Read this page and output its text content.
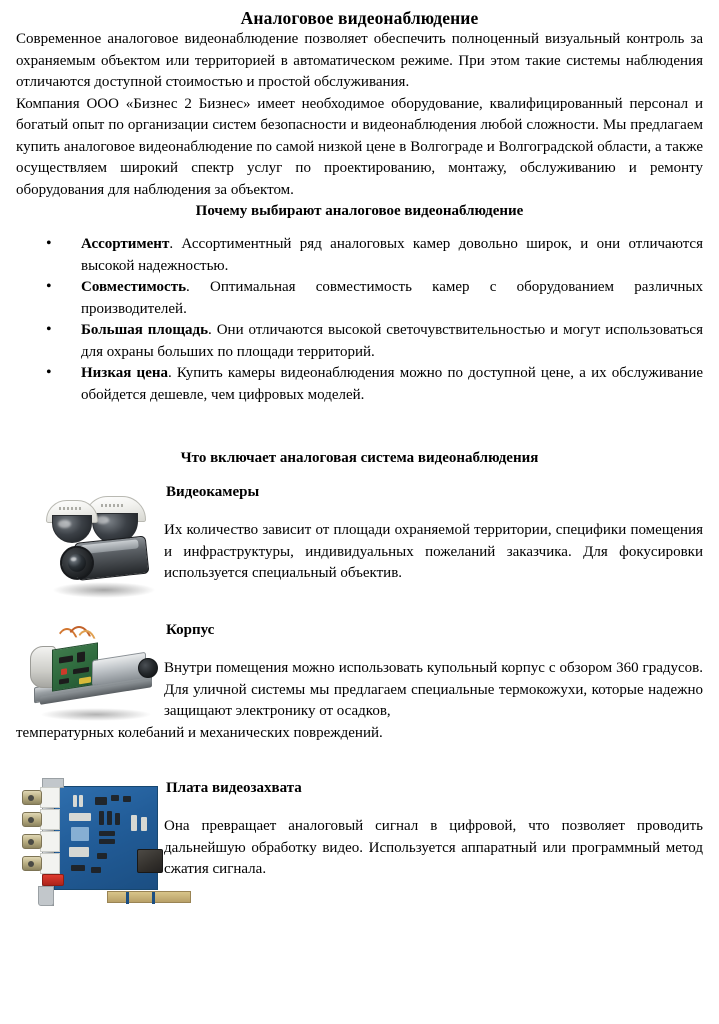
Аналоговое видеонаблюдение

Современное аналоговое видеонаблюдение позволяет обеспечить полноценный визуальный контроль за охраняемым объектом или территорией в автоматическом режиме. При этом такие системы наблюдения отличаются доступной стоимостью и простой обслуживания.

Компания ООО «Бизнес 2 Бизнес» имеет необходимое оборудование, квалифицированный персонал и богатый опыт по организации систем безопасности и видеонаблюдения любой сложности. Мы предлагаем купить аналоговое видеонаблюдение по самой низкой цене в Волгограде и Волгоградской области, а также осуществляем широкий спектр услуг по проектированию, монтажу, обслуживанию и ремонту оборудования для наблюдения за объектом.

Почему выбирают аналоговое видеонаблюдение
• Ассортимент. Ассортиментный ряд аналоговых камер довольно широк, и они отличаются высокой надежностью.
• Совместимость. Оптимальная совместимость камер с оборудованием различных производителей.
• Большая площадь. Они отличаются высокой светочувствительностью и могут использоваться для охраны больших по площади территорий.
• Низкая цена. Купить камеры видеонаблюдения можно по доступной цене, а их обслуживание обойдется дешевле, чем цифровых моделей.
Что включает аналоговая система видеонаблюдения
Видеокамеры

Их количество зависит от площади охраняемой территории, специфики помещения и инфраструктуры, индивидуальных пожеланий заказчика. Для фокусировки используется специальный объектив.

Корпус

Внутри помещения можно использовать купольный корпус с обзором 360 градусов. Для уличной системы мы предлагаем специальные термокожухи, которые надежно защищают электронику от осадков,

температурных колебаний и механических повреждений.

Плата видеозахвата

Она превращает аналоговый сигнал в цифровой, что позволяет проводить дальнейшую обработку видео. Используется аппаратный или программный метод сжатия сигнала.
